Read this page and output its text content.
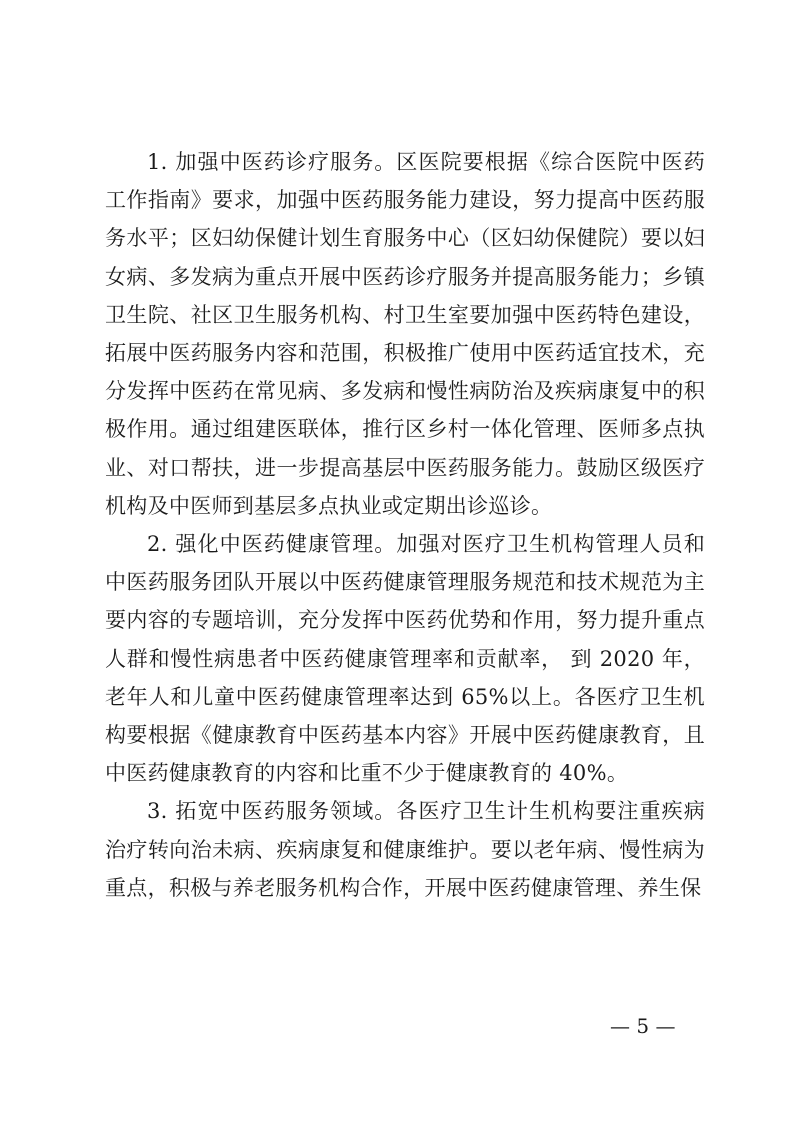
1. 加强中医药诊疗服务。区医院要根据《综合医院中医药工作指南》要求，加强中医药服务能力建设，努力提高中医药服务水平；区妇幼保健计划生育服务中心（区妇幼保健院）要以妇女病、多发病为重点开展中医药诊疗服务并提高服务能力；乡镇卫生院、社区卫生服务机构、村卫生室要加强中医药特色建设，拓展中医药服务内容和范围，积极推广使用中医药适宜技术，充分发挥中医药在常见病、多发病和慢性病防治及疾病康复中的积极作用。通过组建医联体，推行区乡村一体化管理、医师多点执业、对口帮扶，进一步提高基层中医药服务能力。鼓励区级医疗机构及中医师到基层多点执业或定期出诊巡诊。

2. 强化中医药健康管理。加强对医疗卫生机构管理人员和中医药服务团队开展以中医药健康管理服务规范和技术规范为主要内容的专题培训，充分发挥中医药优势和作用，努力提升重点人群和慢性病患者中医药健康管理率和贡献率， 到 2020 年， 老年人和儿童中医药健康管理率达到 65%以上。各医疗卫生机构要根据《健康教育中医药基本内容》开展中医药健康教育，且中医药健康教育的内容和比重不少于健康教育的 40%。

3. 拓宽中医药服务领域。各医疗卫生计生机构要注重疾病治疗转向治未病、疾病康复和健康维护。要以老年病、慢性病为重点，积极与养老服务机构合作，开展中医药健康管理、养生保

— 5 —
